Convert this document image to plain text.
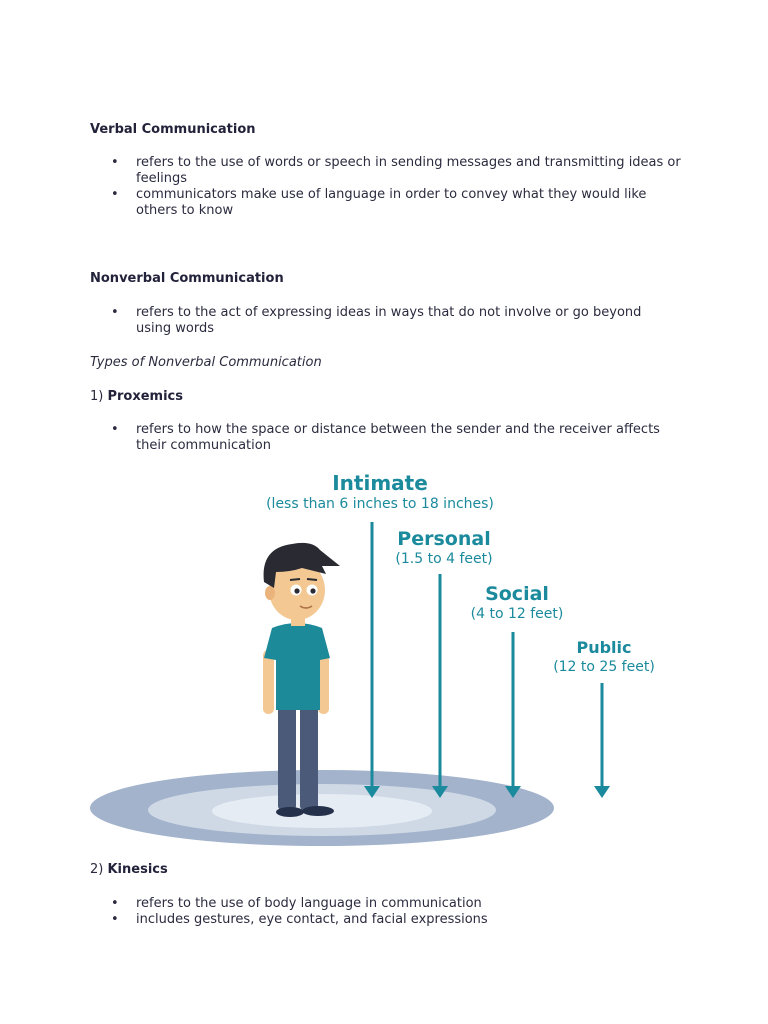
Verbal Communication

• refers to the use of words or speech in sending messages and transmitting ideas or feelings
• communicators make use of language in order to convey what they would like others to know

Nonverbal Communication

• refers to the act of expressing ideas in ways that do not involve or go beyond using words

Types of Nonverbal Communication

1) Proxemics

• refers to how the space or distance between the sender and the receiver affects their communication
Intimate
(less than 6 inches to 18 inches)
Personal
(1.5 to 4 feet)
Social
(4 to 12 feet)
Public
(12 to 25 feet)

2) Kinesics

• refers to the use of body language in communication
• includes gestures, eye contact, and facial expressions
